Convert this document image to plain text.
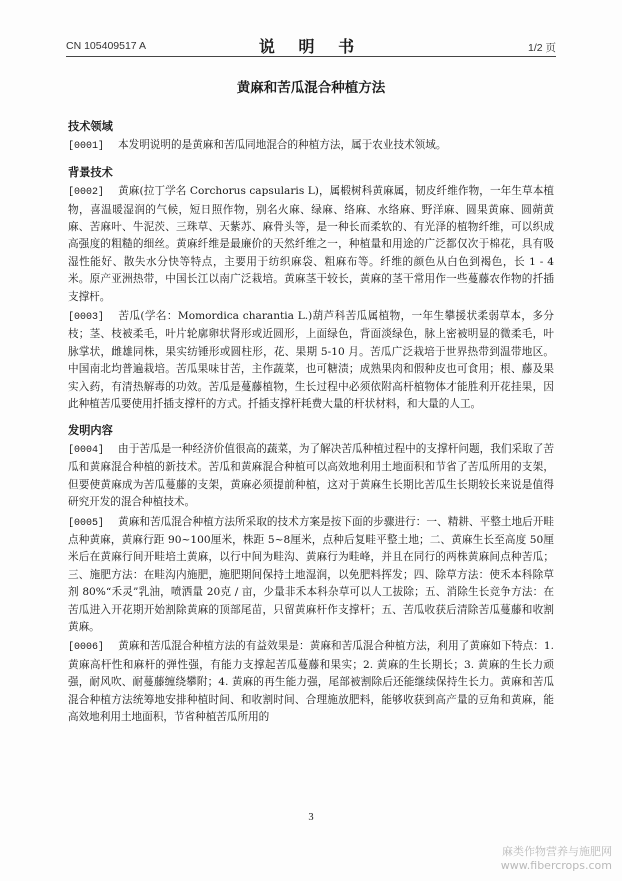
CN 105409517 A	说 明 书	1/2 页
黄麻和苦瓜混合种植方法
技术领域

[0001] 本发明说明的是黄麻和苦瓜同地混合的种植方法，属于农业技术领域。

背景技术

[0002] 黄麻(拉丁学名 Corchorus capsularis L)，属椴树科黄麻属，韧皮纤维作物，一年生草本植物，喜温暖湿润的气候，短日照作物，别名火麻、绿麻、络麻、水络麻、野洋麻、圆果黄麻、圆蒴黄麻、苦麻叶、牛泥茨、三珠草、天紫苏、麻骨头等，是一种长而柔软的、有光泽的植物纤维，可以织成高强度的粗糙的细丝。黄麻纤维是最廉价的天然纤维之一，种植量和用途的广泛都仅次于棉花，具有吸湿性能好、散失水分快等特点，主要用于纺织麻袋、粗麻布等。纤维的颜色从白色到褐色，长 1 - 4 米。原产亚洲热带，中国长江以南广泛栽培。黄麻茎干较长，黄麻的茎干常用作一些蔓藤农作物的扦插支撑杆。

[0003] 苦瓜(学名：Momordica charantia L.)葫芦科苦瓜属植物，一年生攀援状柔弱草本，多分枝；茎、枝被柔毛，叶片轮廓卵状肾形或近圆形，上面绿色，背面淡绿色，脉上密被明显的微柔毛，叶脉掌状，雌雄同株，果实纺锤形或圆柱形，花、果期 5-10 月。苦瓜广泛栽培于世界热带到温带地区。中国南北均普遍栽培。苦瓜果味甘苦，主作蔬菜，也可糖渍；成熟果肉和假种皮也可食用；根、藤及果实入药，有清热解毒的功效。苦瓜是蔓藤植物，生长过程中必须依附高杆植物体才能胜利开花挂果，因此种植苦瓜要使用扦插支撑杆的方式。扦插支撑杆耗费大量的杆状材料，和大量的人工。

发明内容

[0004] 由于苦瓜是一种经济价值很高的蔬菜，为了解决苦瓜种植过程中的支撑杆问题，我们采取了苦瓜和黄麻混合种植的新技术。苦瓜和黄麻混合种植可以高效地利用土地面积和节省了苦瓜所用的支架，但要使黄麻成为苦瓜蔓藤的支架，黄麻必须提前种植，这对于黄麻生长期比苦瓜生长期较长来说是值得研究开发的混合种植技术。

[0005] 黄麻和苦瓜混合种植方法所采取的技术方案是按下面的步骤进行：一、精耕、平整土地后开畦点种黄麻，黄麻行距 90~100厘米，株距 5~8厘米，点种后复畦平整土地；二、黄麻生长至高度 50厘米后在黄麻行间开畦培土黄麻，以行中间为畦沟、黄麻行为畦峰，并且在同行的两株黄麻间点种苦瓜；三、施肥方法：在畦沟内施肥，施肥期间保持土地湿润，以免肥料挥发；四、除草方法：使禾本科除草剂 80%“禾灵”乳油，喷洒量 20克 / 亩，少量非禾本科杂草可以人工拔除；五、消除生长竞争方法：在苦瓜进入开花期开始割除黄麻的顶部尾苗，只留黄麻杆作支撑杆；五、苦瓜收获后清除苦瓜蔓藤和收割黄麻。

[0006] 黄麻和苦瓜混合种植方法的有益效果是：黄麻和苦瓜混合种植方法，利用了黄麻如下特点：1. 黄麻高杆性和麻杆的弹性强，有能力支撑起苦瓜蔓藤和果实；2. 黄麻的生长期长；3. 黄麻的生长力顽强，耐风吹、耐蔓藤缠绕攀附；4. 黄麻的再生能力强，尾部被割除后还能继续保持生长力。黄麻和苦瓜混合种植方法统筹地安排种植时间、和收割时间、合理施放肥料，能够收获到高产量的豆角和黄麻，能高效地利用土地面积，节省种植苦瓜所用的

3
麻类作物营养与施肥网
www.fibercrops.com
